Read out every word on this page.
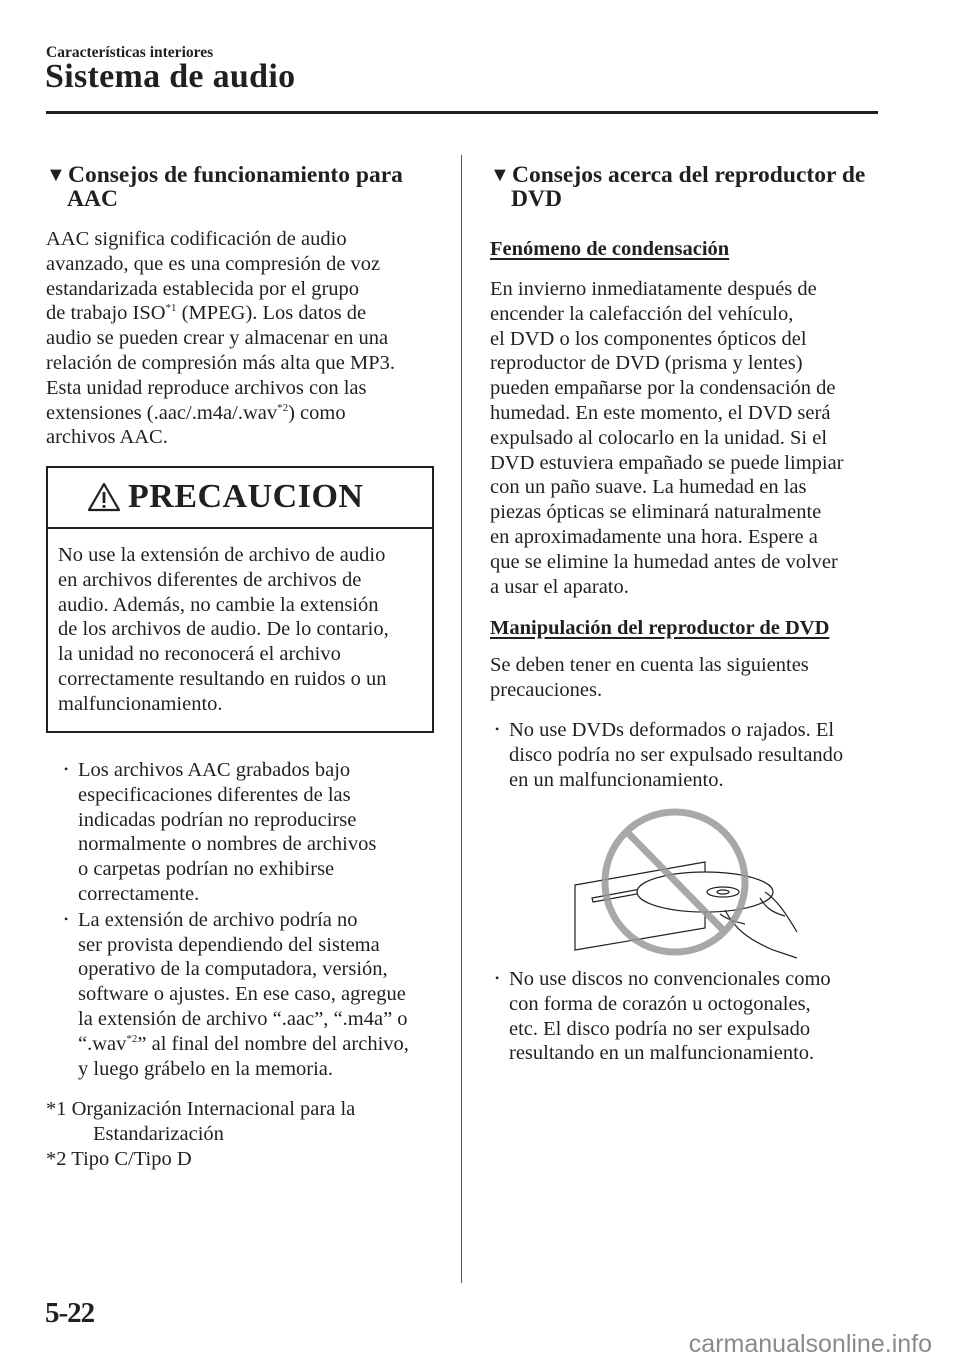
Características interiores
Sistema de audio
▼Consejos de funcionamiento para
AAC
AAC significa codificación de audio
avanzado, que es una compresión de voz
estandarizada establecida por el grupo
de trabajo ISO$^{*1}$ (MPEG). Los datos de
audio se pueden crear y almacenar en una
relación de compresión más alta que MP3.
Esta unidad reproduce archivos con las
extensiones (.aac/.m4a/.wav$^{*2}$) como
archivos AAC.
PRECAUCION
No use la extensión de archivo de audio
en archivos diferentes de archivos de
audio. Además, no cambie la extensión
de los archivos de audio. De lo contario,
la unidad no reconocerá el archivo
correctamente resultando en ruidos o un
malfuncionamiento.
• Los archivos AAC grabados bajo
especificaciones diferentes de las
indicadas podrían no reproducirse
normalmente o nombres de archivos
o carpetas podrían no exhibirse
correctamente.
• La extensión de archivo podría no
ser provista dependiendo del sistema
operativo de la computadora, versión,
software o ajustes. En ese caso, agregue
la extensión de archivo “.aac”, “.m4a” o
“.wav$^{*2}$” al final del nombre del archivo,
y luego grábelo en la memoria.
*1 Organización Internacional para la
Estandarización
*2 Tipo C/Tipo D
▼Consejos acerca del reproductor de
DVD
Fenómeno de condensación
En invierno inmediatamente después de
encender la calefacción del vehículo,
el DVD o los componentes ópticos del
reproductor de DVD (prisma y lentes)
pueden empañarse por la condensación de
humedad. En este momento, el DVD será
expulsado al colocarlo en la unidad. Si el
DVD estuviera empañado se puede limpiar
con un paño suave. La humedad en las
piezas ópticas se eliminará naturalmente
en aproximadamente una hora. Espere a
que se elimine la humedad antes de volver
a usar el aparato.
Manipulación del reproductor de DVD
Se deben tener en cuenta las siguientes
precauciones.
• No use DVDs deformados o rajados. El
disco podría no ser expulsado resultando
en un malfuncionamiento.
• No use discos no convencionales como
con forma de corazón u octogonales,
etc. El disco podría no ser expulsado
resultando en un malfuncionamiento.
5-22
carmanualsonline.info
